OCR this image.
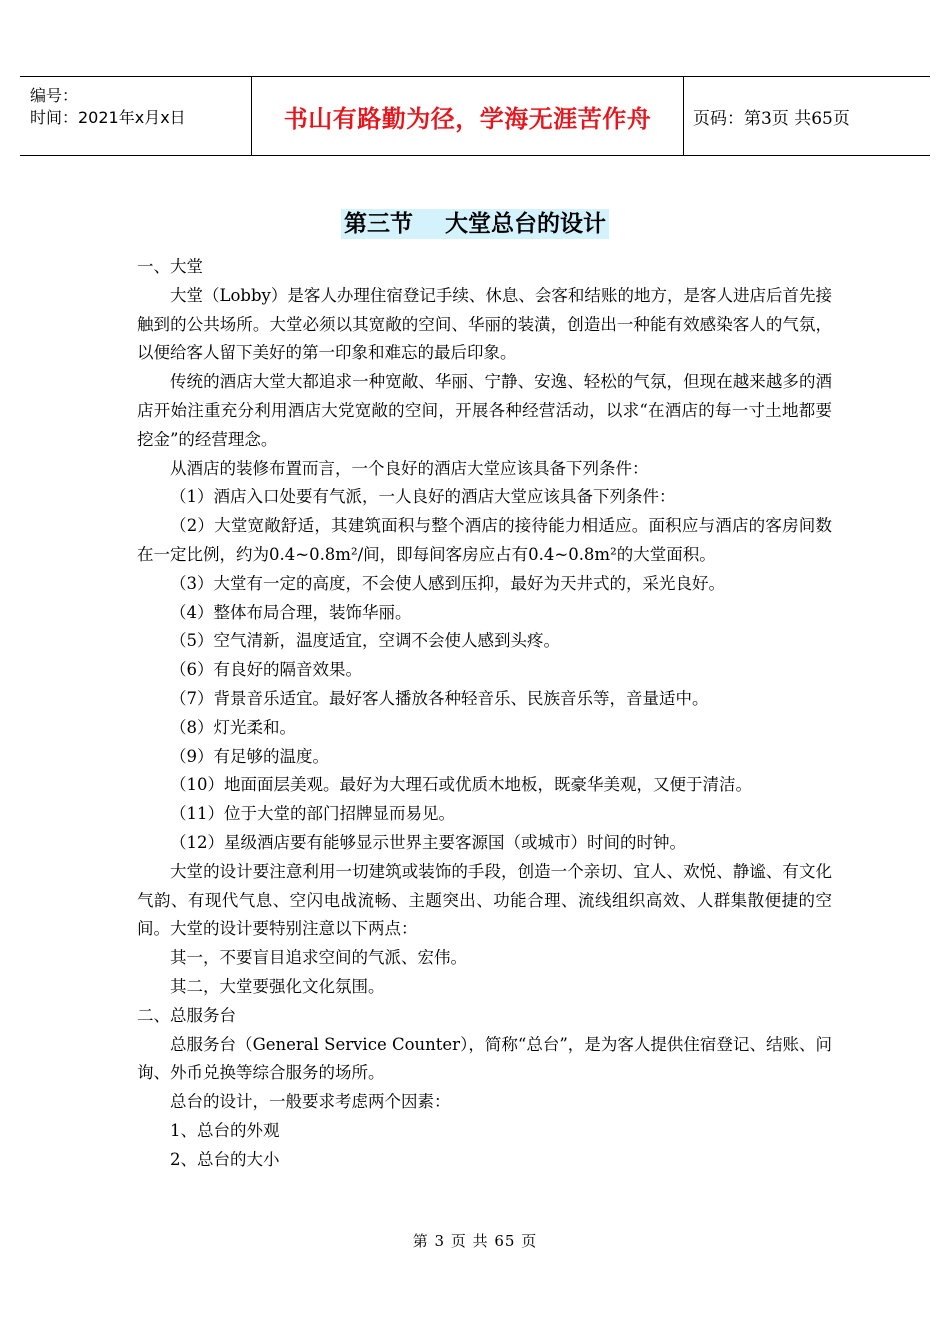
编号：
时间：2021年x月x日	书山有路勤为径，学海无涯苦作舟	页码：第3页 共65页
第三节    大堂总台的设计

一、大堂

大堂（Lobby）是客人办理住宿登记手续、休息、会客和结账的地方，是客人进店后首先接触到的公共场所。大堂必须以其宽敞的空间、华丽的装潢，创造出一种能有效感染客人的气氛，以便给客人留下美好的第一印象和难忘的最后印象。

传统的酒店大堂大都追求一种宽敞、华丽、宁静、安逸、轻松的气氛，但现在越来越多的酒店开始注重充分利用酒店大党宽敞的空间，开展各种经营活动，以求“在酒店的每一寸土地都要挖金”的经营理念。

从酒店的装修布置而言，一个良好的酒店大堂应该具备下列条件：

（1）酒店入口处要有气派，一人良好的酒店大堂应该具备下列条件：

（2）大堂宽敞舒适，其建筑面积与整个酒店的接待能力相适应。面积应与酒店的客房间数在一定比例，约为0.4~0.8m²/间，即每间客房应占有0.4~0.8m²的大堂面积。

（3）大堂有一定的高度，不会使人感到压抑，最好为天井式的，采光良好。

（4）整体布局合理，装饰华丽。

（5）空气清新，温度适宜，空调不会使人感到头疼。

（6）有良好的隔音效果。

（7）背景音乐适宜。最好客人播放各种轻音乐、民族音乐等，音量适中。

（8）灯光柔和。

（9）有足够的温度。

（10）地面面层美观。最好为大理石或优质木地板，既豪华美观，又便于清洁。

（11）位于大堂的部门招牌显而易见。

（12）星级酒店要有能够显示世界主要客源国（或城市）时间的时钟。

大堂的设计要注意利用一切建筑或装饰的手段，创造一个亲切、宜人、欢悦、静谧、有文化气韵、有现代气息、空闪电战流畅、主题突出、功能合理、流线组织高效、人群集散便捷的空间。大堂的设计要特别注意以下两点：

其一，不要盲目追求空间的气派、宏伟。

其二，大堂要强化文化氛围。

二、总服务台

总服务台（General Service Counter），简称“总台”，是为客人提供住宿登记、结账、问询、外币兑换等综合服务的场所。

总台的设计，一般要求考虑两个因素：

1、总台的外观

2、总台的大小

第 3 页 共 65 页
